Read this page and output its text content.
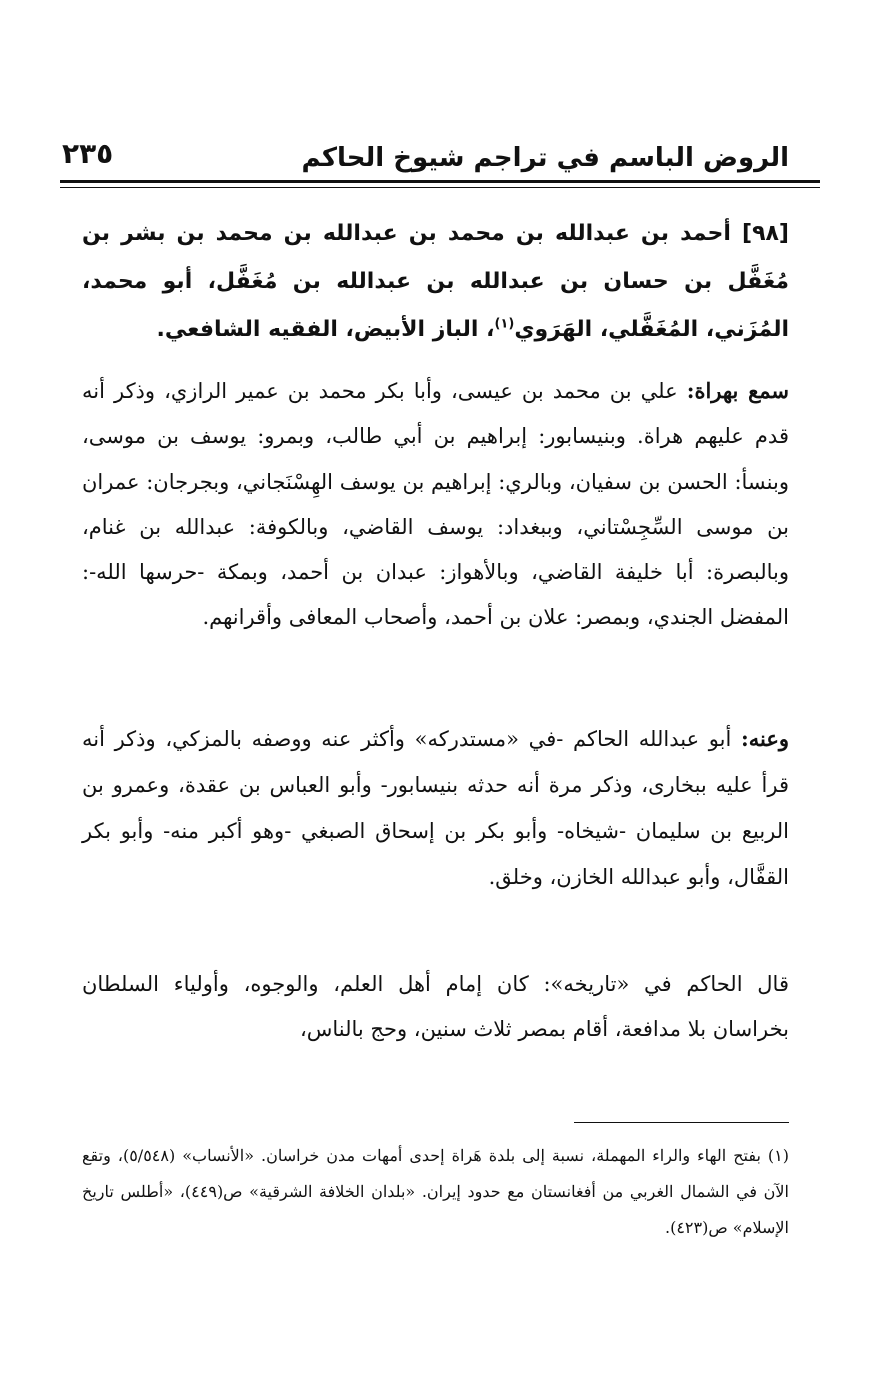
الروض الباسم في تراجم شيوخ الحاكم
٢٣٥
[٩٨] أحمد بن عبدالله بن محمد بن عبدالله بن محمد بن بشر بن مُغَفَّل بن حسان بن عبدالله بن عبدالله بن مُغَفَّل، أبو محمد، المُزَني، المُغَفَّلي، الهَرَوي$^{(١)}$، الباز الأبيض، الفقيه الشافعي.
سمع بهراة: علي بن محمد بن عيسى، وأبا بكر محمد بن عمير الرازي، وذكر أنه قدم عليهم هراة. وبنيسابور: إبراهيم بن أبي طالب، وبمرو: يوسف بن موسى، وبنسأ: الحسن بن سفيان، وبالري: إبراهيم بن يوسف الهِسْنَجاني، وبجرجان: عمران بن موسى السِّجِسْتاني، وببغداد: يوسف القاضي، وبالكوفة: عبدالله بن غنام، وبالبصرة: أبا خليفة القاضي، وبالأهواز: عبدان بن أحمد، وبمكة -حرسها الله-: المفضل الجندي، وبمصر: علان بن أحمد، وأصحاب المعافى وأقرانهم.
وعنه: أبو عبدالله الحاكم -في «مستدركه» وأكثر عنه ووصفه بالمزكي، وذكر أنه قرأ عليه ببخارى، وذكر مرة أنه حدثه بنيسابور- وأبو العباس بن عقدة، وعمرو بن الربيع بن سليمان -شيخاه- وأبو بكر بن إسحاق الصبغي -وهو أكبر منه- وأبو بكر القفَّال، وأبو عبدالله الخازن، وخلق.
قال الحاكم في «تاريخه»: كان إمام أهل العلم، والوجوه، وأولياء السلطان بخراسان بلا مدافعة، أقام بمصر ثلاث سنين، وحج بالناس،
(١) بفتح الهاء والراء المهملة، نسبة إلى بلدة هَراة إحدى أمهات مدن خراسان. «الأنساب» (٥/٥٤٨)، وتقع الآن في الشمال الغربي من أفغانستان مع حدود إيران. «بلدان الخلافة الشرقية» ص(٤٤٩)، «أطلس تاريخ الإسلام» ص(٤٢٣).
